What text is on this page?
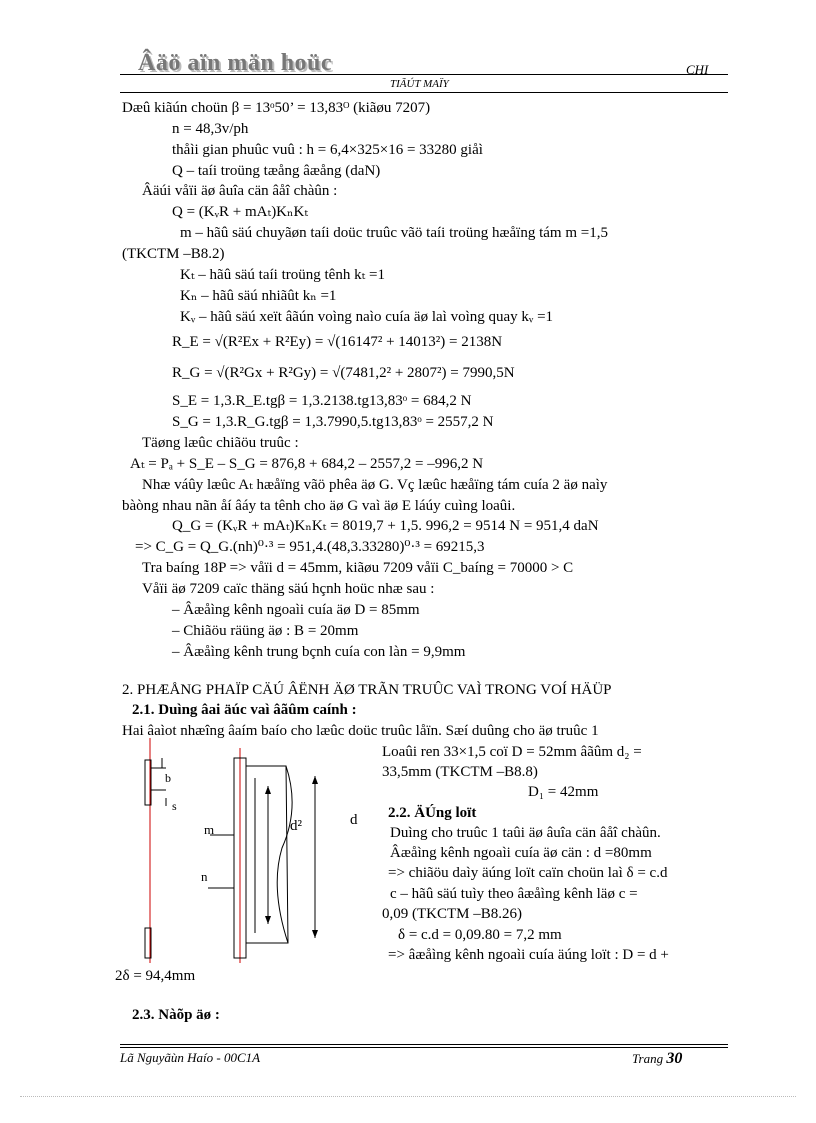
Âäö aïn män hoüc	CHI
TIÃÚT MAÏY
Dæû kiãún choün β = 13ᵒ50’ = 13,83ᴼ (kiãøu 7207)
n = 48,3v/ph
thåìi gian phuûc vuû : h = 6,4×325×16 = 33280 giåì
Q – taíi troüng tæång âæång (daN)
Âäúi våïi äø âuîa cän âåî chàûn :
Q = (KᵥR + mAₜ)KₙKₜ
m – hãû säú chuyãøn taíi doüc truûc vãö taíi troüng hæåïng tám m =1,5
(TKCTM –B8.2)
Kₜ – hãû säú taíi troüng tênh kₜ =1
Kₙ – hãû säú nhiãût kₙ =1
Kᵥ – hãû säú xeït âãún voìng naìo cuía äø laì voìng quay kᵥ =1
R_E = √(R²Ex + R²Ey) = √(16147² + 14013²) = 2138N
R_G = √(R²Gx + R²Gy) = √(7481,2² + 2807²) = 7990,5N
S_E = 1,3.R_E.tgβ = 1,3.2138.tg13,83ᵒ = 684,2 N
S_G = 1,3.R_G.tgβ = 1,3.7990,5.tg13,83ᵒ = 2557,2 N
Täøng læûc chiãöu truûc :
Aₜ = Pₐ + S_E – S_G = 876,8 + 684,2 – 2557,2 = –996,2 N
Nhæ váûy læûc Aₜ hæåïng vãö phêa äø G. Vç læûc hæåïng tám cuía 2 äø naìy
bàòng nhau nãn åí âáy ta tênh cho äø G vaì äø E láúy cuìng loaûi.
Q_G = (KᵥR + mAₜ)KₙKₜ = 8019,7 + 1,5. 996,2 = 9514 N = 951,4 daN
=> C_G = Q_G.(nh)⁰·³ = 951,4.(48,3.33280)⁰·³ = 69215,3
Tra baíng 18P => våïi d = 45mm, kiãøu 7209 våïi C_baíng = 70000 > C
Våïi äø 7209 caïc thäng säú hçnh hoüc nhæ sau :
– Âæåìng kênh ngoaìi cuía äø D = 85mm
– Chiãöu räüng äø : B = 20mm
– Âæåìng kênh trung bçnh cuía con làn = 9,9mm
2. PHÆÅNG PHAÏP CÄÚ ÂËNH ÄØ TRÃN TRUÛC VAÌ TRONG VOÍ HÄÜP
2.1. Duìng âai äúc vaì âãûm caính :
Hai âaìot nhæîng âaím baío cho læûc doüc truûc låïn. Sæí duûng cho äø truûc 1
Loaûi ren 33×1,5 coï D = 52mm âãûm d₂ =
33,5mm (TKCTM –B8.8)
D₁ = 42mm
2.2. ÄÚng loït
Duìng cho truûc 1 taûi äø âuîa cän âåî chàûn.
Âæåìng kênh ngoaìi cuía äø cän : d =80mm
=> chiãöu daìy äúng loït caïn choün laì δ = c.d
c – hãû säú tuìy theo âæåìng kênh läø c =
0,09 (TKCTM –B8.26)
δ = c.d = 0,09.80 = 7,2 mm
=> âæåìng kênh ngoaìi cuía äúng loït : D = d +
2δ = 94,4mm
2.3. Nàõp äø :
b
s
m
n
d²	d
Lã Nguyãùn Haío - 00C1A	Trang 30
